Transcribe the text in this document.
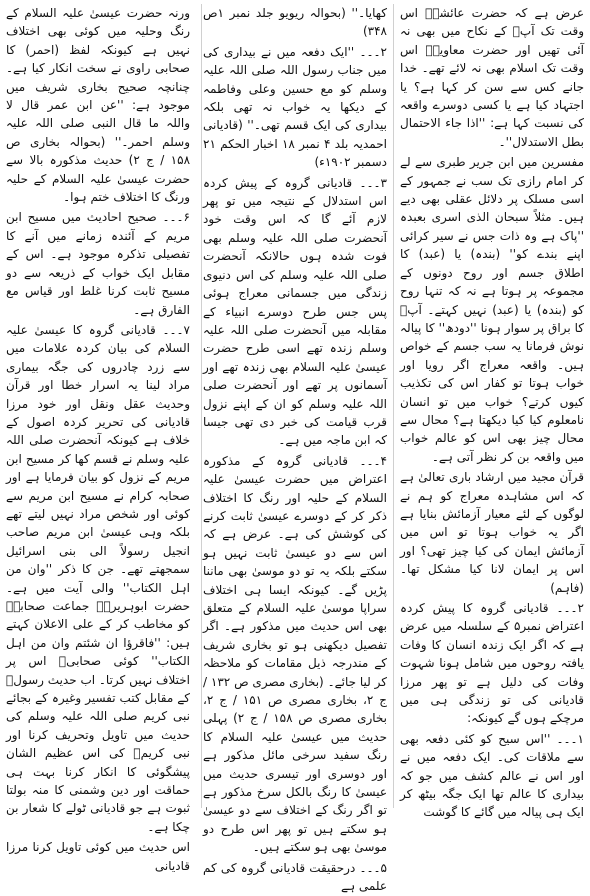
عرض ہے کہ حضرت عائشہؓ اس وقت تک آپؐ کے نکاح میں بھی نہ آئی تھیں اور حضرت معاویہؓ اس وقت تک اسلام بھی نہ لائے تھے۔ خدا جانے کس سے سن کر کہا ہے؟ یا اجتہاد کیا ہے یا کسی دوسرے واقعہ کی نسبت کہا ہے: ''اذا جاء الاحتمال بطل الاستدلال''۔

مفسرین میں ابن جریر طبری سے لے کر امام رازی تک سب نے جمہور کے اسی مسلک پر دلائل عقلی بھی دیے ہیں۔ مثلاً سبحان الذی اسری بعبدہ ''پاک ہے وہ ذات جس نے سیر کرائی اپنے بندے کو'' (بندہ) یا (عبد) کا اطلاق جسم اور روح دونوں کے مجموعہ پر ہوتا ہے نہ کہ تنہا روح کو (بندہ) یا (عبد) نہیں کہتے۔ آپؐ کا براق پر سوار ہونا ''دودھ'' کا پیالہ نوش فرمانا یہ سب جسم کے خواص ہیں۔ واقعہ معراج اگر رویا اور خواب ہوتا تو کفار اس کی تکذیب کیوں کرتے؟ خواب میں تو انسان نامعلوم کیا کیا دیکھتا ہے؟ محال سے محال چیز بھی اس کو عالم خواب میں واقعہ بن کر نظر آتی ہے۔

قرآن مجید میں ارشاد باری تعالیٰ ہے کہ اس مشاہدہ معراج کو ہم نے لوگوں کے لئے معیار آزمائش بنایا ہے اگر یہ خواب ہوتا تو اس میں آزمائش ایمان کی کیا چیز تھی؟ اور اس پر ایمان لانا کیا مشکل تھا۔ (فاہم)

۲۔۔۔ قادیانی گروہ کا پیش کردہ اعتراض نمبر۵ کے سلسلہ میں عرض ہے کہ اگر ایک زندہ انسان کا وفات یافتہ روحوں میں شامل ہونا شہوت وفات کی دلیل ہے تو پھر مرزا قادیانی کی تو زندگی ہی میں مرچکے ہوں گے کیونکہ:

۱۔۔۔ ''اس سیح کو کئی دفعہ بھی سے ملاقات کی۔ ایک دفعہ میں نے اور اس نے عالم کشف میں جو کہ بیداری کا عالم تھا ایک جگہ بیٹھ کر ایک ہی پیالہ میں گائے کا گوشت

کھایا۔'' (بحوالہ ریویو جلد نمبر ۱ص ۳۴۸)

۲۔۔۔ ''ایک دفعہ میں نے بیداری کی میں جناب رسول اللہ صلی اللہ علیہ وسلم کو مع حسین وعلی وفاطمہ کے دیکھا یہ خواب نہ تھی بلکہ بیداری کی ایک قسم تھی۔'' (قادیانی احمدیہ بلد ۴ نمبر ۱۸ اخبار الحکم ۲۱ دسمبر ۱۹۰۲ء)

۳۔۔۔ قادیانی گروہ کے پیش کردہ اس استدلال کے نتیجہ میں تو پھر لازم آئے گا کہ اس وقت خود آنحضرت صلی اللہ علیہ وسلم بھی فوت شدہ ہوں حالانکہ آنحضرت صلی اللہ علیہ وسلم کی اس دنیوی زندگی میں جسمانی معراج ہوئی پس جس طرح دوسرے انبیاء کے مقابلہ میں آنحضرت صلی اللہ علیہ وسلم زندہ تھے اسی طرح حضرت عیسیٰ علیہ السلام بھی زندہ تھے اور آسمانوں پر تھے اور آنحضرت صلی اللہ علیہ وسلم کو ان کے اپنے نزول قرب قیامت کی خبر دی تھی جیسا کہ ابن ماجہ میں ہے۔

۴۔۔۔ قادیانی گروہ کے مذکورہ اعتراض میں حضرت عیسیٰ علیہ السلام کے حلیہ اور رنگ کا اختلاف ذکر کر کے دوسرے عیسیٰ ثابت کرنے کی کوشش کی ہے۔ عرض ہے کہ اس سے دو عیسیٰ ثابت نہیں ہو سکتے بلکہ یہ تو دو موسیٰ بھی ماننا پڑیں گے۔ کیونکہ ایسا ہی اختلاف سراپا موسیٰ علیہ السلام کے متعلق بھی اس حدیث میں مذکور ہے۔ اگر تفصیل دیکھنی ہو تو بخاری شریف کے مندرجہ ذیل مقامات کو ملاحظہ کر لیا جائے۔ (بخاری مصری ص ۱۳۲ / ج ۲، بخاری مصری ص ۱۵۱ / ج ۲، بخاری مصری ص ۱۵۸ / ج ۲) پہلی حدیث میں عیسیٰ علیہ السلام کا رنگ سفید سرخی مائل مذکور ہے اور دوسری اور تیسری حدیث میں عیسیٰ کا رنگ بالکل سرخ مذکور ہے تو اگر رنگ کے اختلاف سے دو عیسیٰ ہو سکتے ہیں تو پھر اس طرح دو موسیٰ بھی ہو سکتے ہیں۔

۵۔۔۔ درحقیقت قادیانی گروہ کی کم علمی ہے

ورنہ حضرت عیسیٰ علیہ السلام کے رنگ وحلیہ میں کوئی بھی اختلاف نہیں ہے کیونکہ لفظ (احمر) کا صحابی راوی نے سخت انکار کیا ہے۔ چنانچہ صحیح بخاری شریف میں موجود ہے: ''عن ابن عمر قال لا واللہ ما قال النبی صلی اللہ علیہ وسلم احمر۔'' (بحوالہ بخاری ص ۱۵۸ / ج ۲) حدیث مذکورہ بالا سے حضرت عیسیٰ علیہ السلام کے حلیہ ورنگ کا اختلاف ختم ہوا۔

۶۔۔۔ صحیح احادیث میں مسیح ابن مریم کے آئندہ زمانے میں آنے کا تفصیلی تذکرہ موجود ہے۔ اس کے مقابل ایک خواب کے ذریعہ سے دو مسیح ثابت کرنا غلط اور قیاس مع الفارق ہے۔

۷۔۔۔ قادیانی گروہ کا عیسیٰ علیہ السلام کی بیان کردہ علامات میں سے زرد چادروں کی جگہ بیماری مراد لینا یہ اسرار خطا اور قرآن وحدیث عقل ونقل اور خود مرزا قادیانی کی تحریر کردہ اصول کے خلاف ہے کیونکہ آنحضرت صلی اللہ علیہ وسلم نے قسم کھا کر مسیح ابن مریم کے نزول کو بیان فرمایا ہے اور صحابہ کرام نے مسیح ابن مریم سے کوئی اور شخص مراد نہیں لیتے تھے بلکہ وہی عیسیٰ ابن مریم صاحب انجیل رسولاً الی بنی اسرائیل سمجھتے تھے۔ جن کا ذکر ''وان من اہل الکتاب'' والی آیت میں ہے۔ حضرت ابوہریرہؓ جماعت صحابہؓ کو مخاطب کر کے علی الاعلان کہتے ہیں: ''فاقرؤا ان شئتم وان من اہل الکتاب'' کوئی صحابیؓ اس پر اختلاف نہیں کرتا۔ اب حدیث رسولؐ کے مقابل کتب تفسیر وغیرہ کے بجائے نبی کریم صلی اللہ علیہ وسلم کی حدیث میں تاویل وتحریف کرنا اور نبی کریمؐ کی اس عظیم الشان پیشگوئی کا انکار کرنا بہت ہی حماقت اور دین وشمنی کا منہ بولتا ثبوت ہے جو قادیانی ٹولے کا شعار بن چکا ہے۔

اس حدیث میں کوئی تاویل کرنا مرزا قادیانی
